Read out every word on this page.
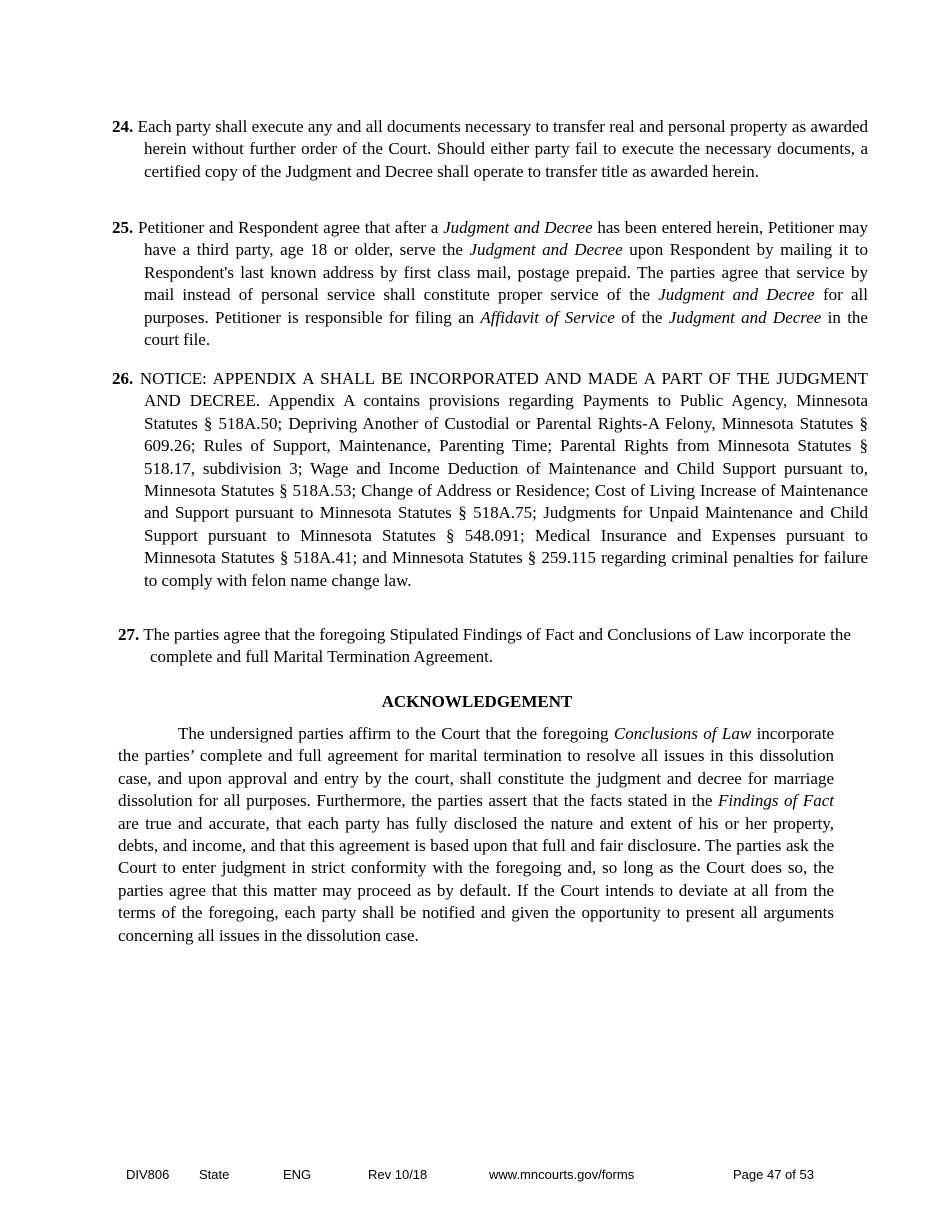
24. Each party shall execute any and all documents necessary to transfer real and personal property as awarded herein without further order of the Court. Should either party fail to execute the necessary documents, a certified copy of the Judgment and Decree shall operate to transfer title as awarded herein.
25. Petitioner and Respondent agree that after a Judgment and Decree has been entered herein, Petitioner may have a third party, age 18 or older, serve the Judgment and Decree upon Respondent by mailing it to Respondent's last known address by first class mail, postage prepaid. The parties agree that service by mail instead of personal service shall constitute proper service of the Judgment and Decree for all purposes. Petitioner is responsible for filing an Affidavit of Service of the Judgment and Decree in the court file.
26. NOTICE: APPENDIX A SHALL BE INCORPORATED AND MADE A PART OF THE JUDGMENT AND DECREE. Appendix A contains provisions regarding Payments to Public Agency, Minnesota Statutes § 518A.50; Depriving Another of Custodial or Parental Rights-A Felony, Minnesota Statutes § 609.26; Rules of Support, Maintenance, Parenting Time; Parental Rights from Minnesota Statutes § 518.17, subdivision 3; Wage and Income Deduction of Maintenance and Child Support pursuant to, Minnesota Statutes § 518A.53; Change of Address or Residence; Cost of Living Increase of Maintenance and Support pursuant to Minnesota Statutes § 518A.75; Judgments for Unpaid Maintenance and Child Support pursuant to Minnesota Statutes § 548.091; Medical Insurance and Expenses pursuant to Minnesota Statutes § 518A.41; and Minnesota Statutes § 259.115 regarding criminal penalties for failure to comply with felon name change law.
27. The parties agree that the foregoing Stipulated Findings of Fact and Conclusions of Law incorporate the complete and full Marital Termination Agreement.
ACKNOWLEDGEMENT
The undersigned parties affirm to the Court that the foregoing Conclusions of Law incorporate the parties’ complete and full agreement for marital termination to resolve all issues in this dissolution case, and upon approval and entry by the court, shall constitute the judgment and decree for marriage dissolution for all purposes. Furthermore, the parties assert that the facts stated in the Findings of Fact are true and accurate, that each party has fully disclosed the nature and extent of his or her property, debts, and income, and that this agreement is based upon that full and fair disclosure. The parties ask the Court to enter judgment in strict conformity with the foregoing and, so long as the Court does so, the parties agree that this matter may proceed as by default. If the Court intends to deviate at all from the terms of the foregoing, each party shall be notified and given the opportunity to present all arguments concerning all issues in the dissolution case.
DIV806 State	ENG	Rev 10/18	www.mncourts.gov/forms	Page 47 of 53
